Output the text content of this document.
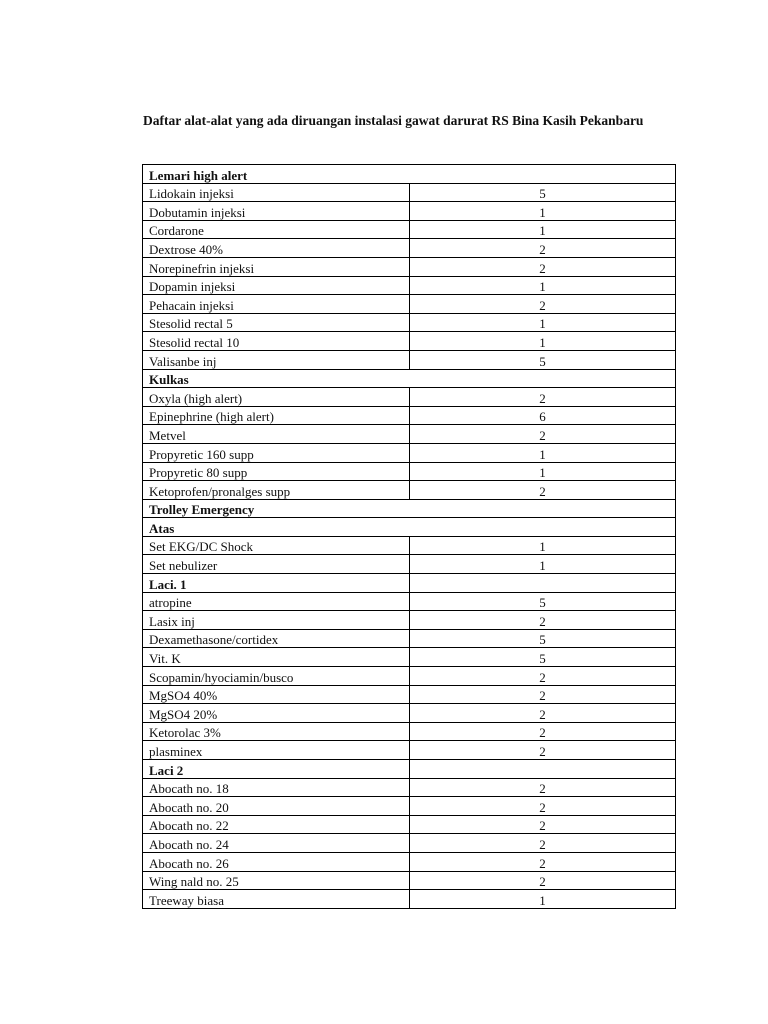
Daftar alat-alat yang ada diruangan instalasi gawat darurat RS Bina Kasih Pekanbaru
Lemari high alert	
Lidokain injeksi	5
Dobutamin injeksi	1
Cordarone	1
Dextrose 40%	2
Norepinefrin injeksi	2
Dopamin injeksi	1
Pehacain injeksi	2
Stesolid rectal 5	1
Stesolid rectal 10	1
Valisanbe inj	5
Kulkas	
Oxyla (high alert)	2
Epinephrine (high alert)	6
Metvel	2
Propyretic 160 supp	1
Propyretic 80 supp	1
Ketoprofen/pronalges supp	2
Trolley Emergency	
Atas	
Set EKG/DC Shock	1
Set nebulizer	1
Laci. 1	
atropine	5
Lasix inj	2
Dexamethasone/cortidex	5
Vit. K	5
Scopamin/hyociamin/busco	2
MgSO4 40%	2
MgSO4 20%	2
Ketorolac 3%	2
plasminex	2
Laci 2	
Abocath no. 18	2
Abocath no. 20	2
Abocath no. 22	2
Abocath no. 24	2
Abocath no. 26	2
Wing nald no. 25	2
Treeway biasa	1
